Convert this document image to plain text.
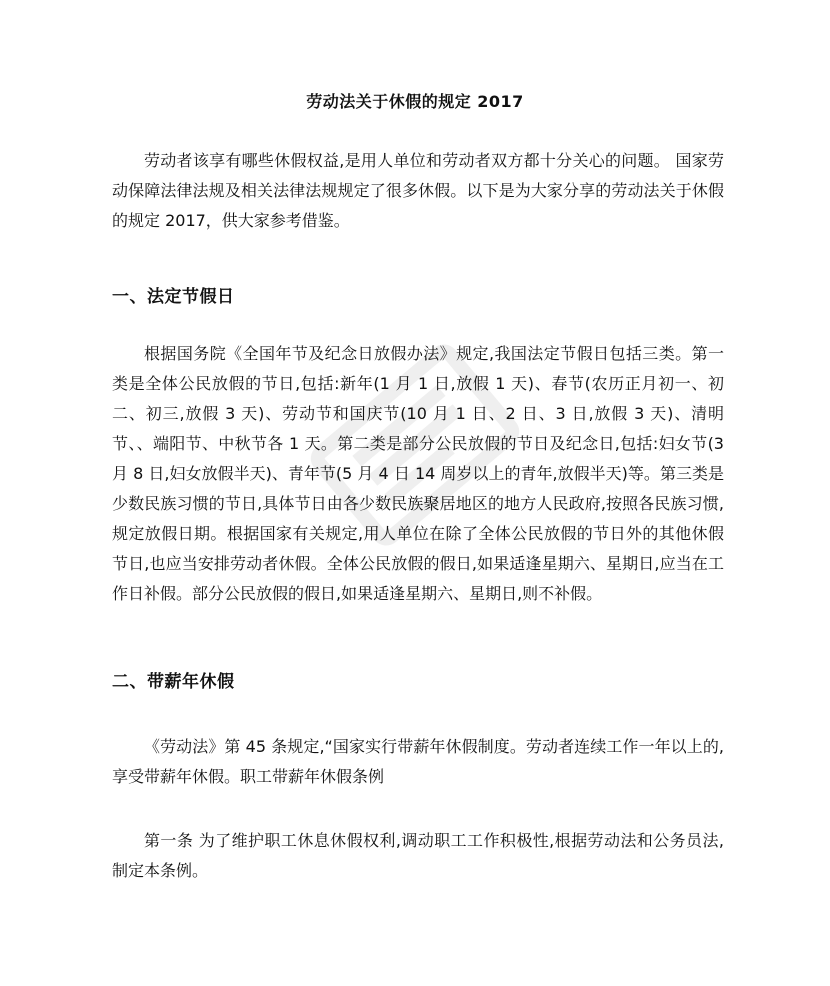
劳动法关于休假的规定 2017
劳动者该享有哪些休假权益,是用人单位和劳动者双方都十分关心的问题。 国家劳动保障法律法规及相关法律法规规定了很多休假。以下是为大家分享的劳动法关于休假的规定 2017，供大家参考借鉴。
一、法定节假日
根据国务院《全国年节及纪念日放假办法》规定,我国法定节假日包括三类。第一类是全体公民放假的节日,包括:新年(1 月 1 日,放假 1 天)、春节(农历正月初一、初二、初三,放假 3 天)、劳动节和国庆节(10 月 1 日、2 日、3 日,放假 3 天)、清明节、、端阳节、中秋节各 1 天。第二类是部分公民放假的节日及纪念日,包括:妇女节(3 月 8 日,妇女放假半天)、青年节(5 月 4 日 14 周岁以上的青年,放假半天)等。第三类是少数民族习惯的节日,具体节日由各少数民族聚居地区的地方人民政府,按照各民族习惯,规定放假日期。根据国家有关规定,用人单位在除了全体公民放假的节日外的其他休假节日,也应当安排劳动者休假。全体公民放假的假日,如果适逢星期六、星期日,应当在工作日补假。部分公民放假的假日,如果适逢星期六、星期日,则不补假。
二、带薪年休假
《劳动法》第 45 条规定,“国家实行带薪年休假制度。劳动者连续工作一年以上的,享受带薪年休假。职工带薪年休假条例
第一条 为了维护职工休息休假权利,调动职工工作积极性,根据劳动法和公务员法,制定本条例。
